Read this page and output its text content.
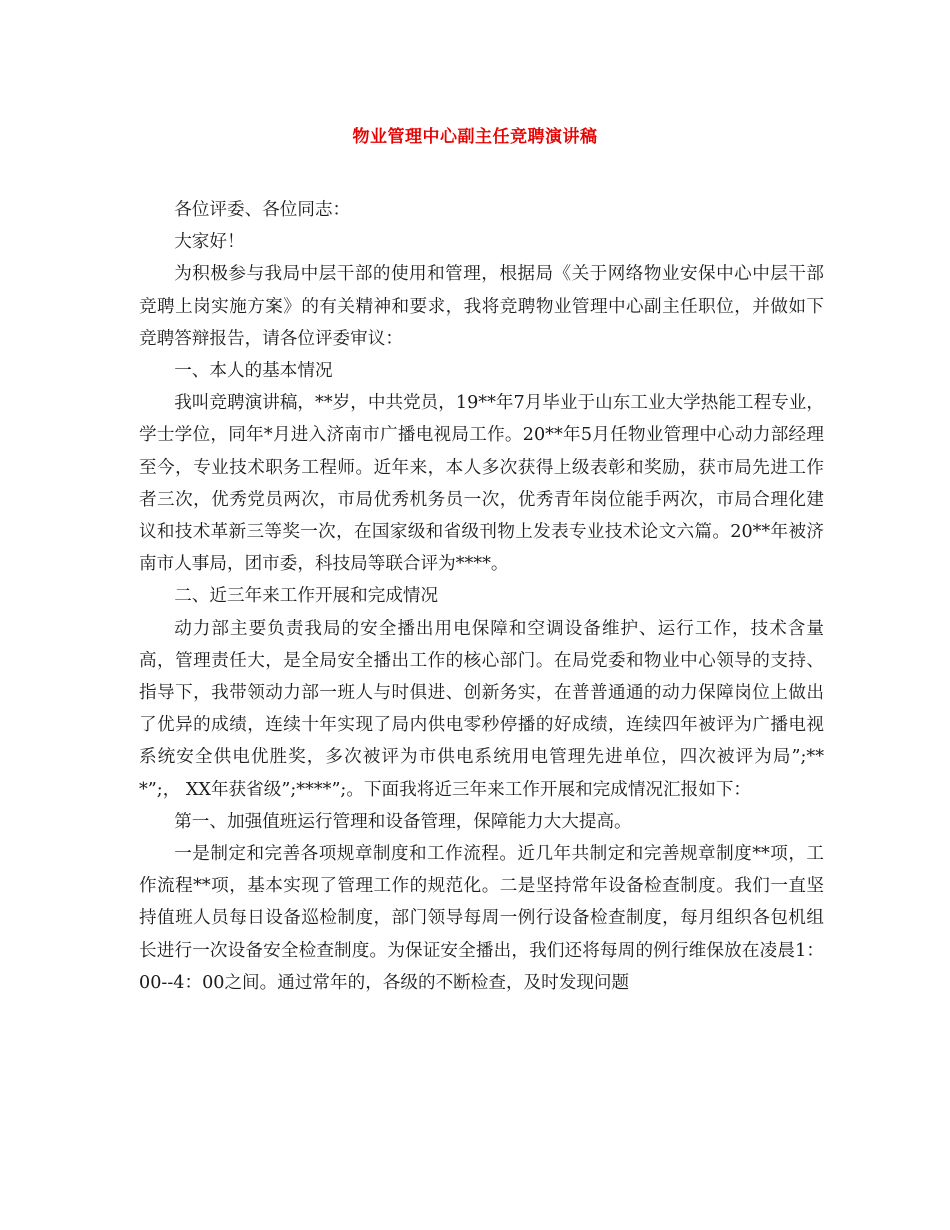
物业管理中心副主任竞聘演讲稿

各位评委、各位同志：

大家好！

为积极参与我局中层干部的使用和管理，根据局《关于网络物业安保中心中层干部竞聘上岗实施方案》的有关精神和要求，我将竞聘物业管理中心副主任职位，并做如下竞聘答辩报告，请各位评委审议：

一、本人的基本情况

我叫竞聘演讲稿，**岁，中共党员，19**年7月毕业于山东工业大学热能工程专业，学士学位，同年*月进入济南市广播电视局工作。20**年5月任物业管理中心动力部经理至今，专业技术职务工程师。近年来，本人多次获得上级表彰和奖励，获市局先进工作者三次，优秀党员两次，市局优秀机务员一次，优秀青年岗位能手两次，市局合理化建议和技术革新三等奖一次，在国家级和省级刊物上发表专业技术论文六篇。20**年被济南市人事局，团市委，科技局等联合评为****。

二、近三年来工作开展和完成情况

动力部主要负责我局的安全播出用电保障和空调设备维护、运行工作，技术含量高，管理责任大，是全局安全播出工作的核心部门。在局党委和物业中心领导的支持、指导下，我带领动力部一班人与时俱进、创新务实，在普普通通的动力保障岗位上做出了优异的成绩，连续十年实现了局内供电零秒停播的好成绩，连续四年被评为广播电视系统安全供电优胜奖，多次被评为市供电系统用电管理先进单位，四次被评为局”;***”;， XX年获省级”;****”;。下面我将近三年来工作开展和完成情况汇报如下：

第一、加强值班运行管理和设备管理，保障能力大大提高。

一是制定和完善各项规章制度和工作流程。近几年共制定和完善规章制度**项，工作流程**项，基本实现了管理工作的规范化。二是坚持常年设备检查制度。我们一直坚持值班人员每日设备巡检制度，部门领导每周一例行设备检查制度，每月组织各包机组长进行一次设备安全检查制度。为保证安全播出，我们还将每周的例行维保放在凌晨1：00--4：00之间。通过常年的，各级的不断检查，及时发现问题
